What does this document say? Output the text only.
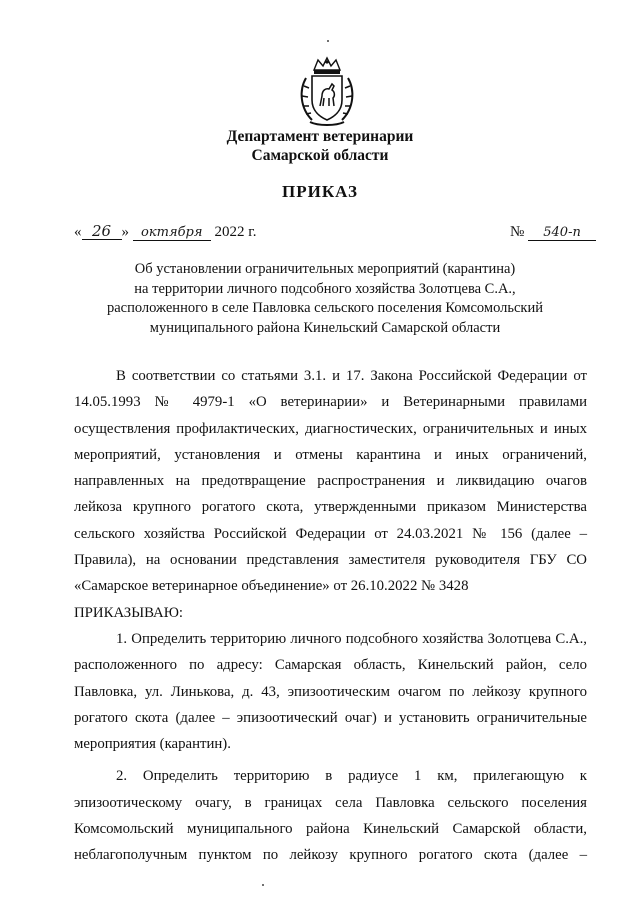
Департамент ветеринарии
Самарской области
ПРИКАЗ
« 26 » октября 2022 г.	№ 540-п
Об установлении ограничительных мероприятий (карантина)
на территории личного подсобного хозяйства Золотцева С.А.,
расположенного в селе Павловка сельского поселения Комсомольский
муниципального района Кинельский Самарской области

В соответствии со статьями 3.1. и 17. Закона Российской Федерации от 14.05.1993 № 4979-1 «О ветеринарии» и Ветеринарными правилами осуществления профилактических, диагностических, ограничительных и иных мероприятий, установления и отмены карантина и иных ограничений, направленных на предотвращение распространения и ликвидацию очагов лейкоза крупного рогатого скота, утвержденными приказом Министерства сельского хозяйства Российской Федерации от 24.03.2021 № 156 (далее – Правила), на основании представления заместителя руководителя ГБУ СО «Самарское ветеринарное объединение» от 26.10.2022 № 3428

ПРИКАЗЫВАЮ:

1. Определить территорию личного подсобного хозяйства Золотцева С.А., расположенного по адресу: Самарская область, Кинельский район, село Павловка, ул. Линькова, д. 43, эпизоотическим очагом по лейкозу крупного рогатого скота (далее – эпизоотический очаг) и установить ограничительные мероприятия (карантин).

2. Определить территорию в радиусе 1 км, прилегающую к эпизоотическому очагу, в границах села Павловка сельского поселения Комсомольский муниципального района Кинельский Самарской области, неблагополучным пунктом по лейкозу крупного рогатого скота (далее –
